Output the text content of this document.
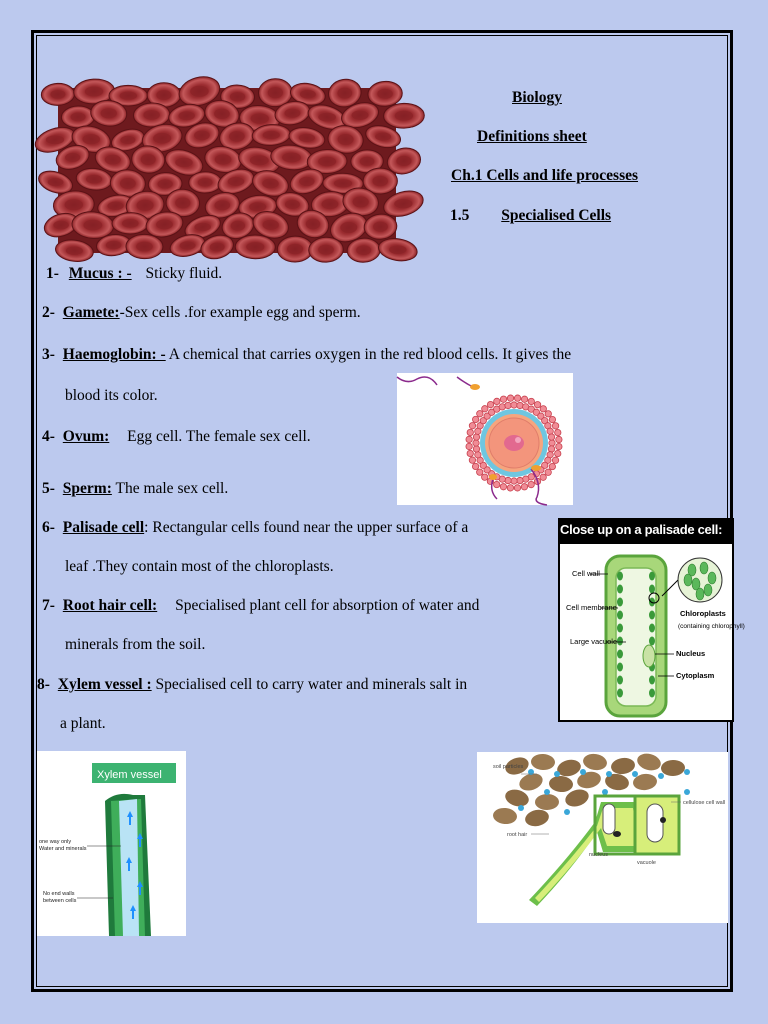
Biology
Definitions sheet
Ch.1 Cells and life processes
1.5 Specialised Cells
1- Mucus : - Sticky fluid.
2- Gamete:-Sex cells .for example egg and sperm.
3- Haemoglobin: - A chemical that carries oxygen in the red blood cells. It gives the
blood its color.
4- Ovum: Egg cell. The female sex cell.
5- Sperm: The male sex cell.
6- Palisade cell: Rectangular cells found near the upper surface of a
leaf .They contain most of the chloroplasts.
7- Root hair cell: Specialised plant cell for absorption of water and
minerals from the soil.
8- Xylem vessel : Specialised cell to carry water and minerals salt in
a plant.
Close up on a palisade cell:
Cell wall
Cell membrane
Large vacuole
Chloroplasts
(containing chlorophyll)
Nucleus
Cytoplasm
Xylem vessel
one way only
Water and minerals
No end walls
between cells
soil particles
root hair
nucleus
vacuole
cellulose cell wall
